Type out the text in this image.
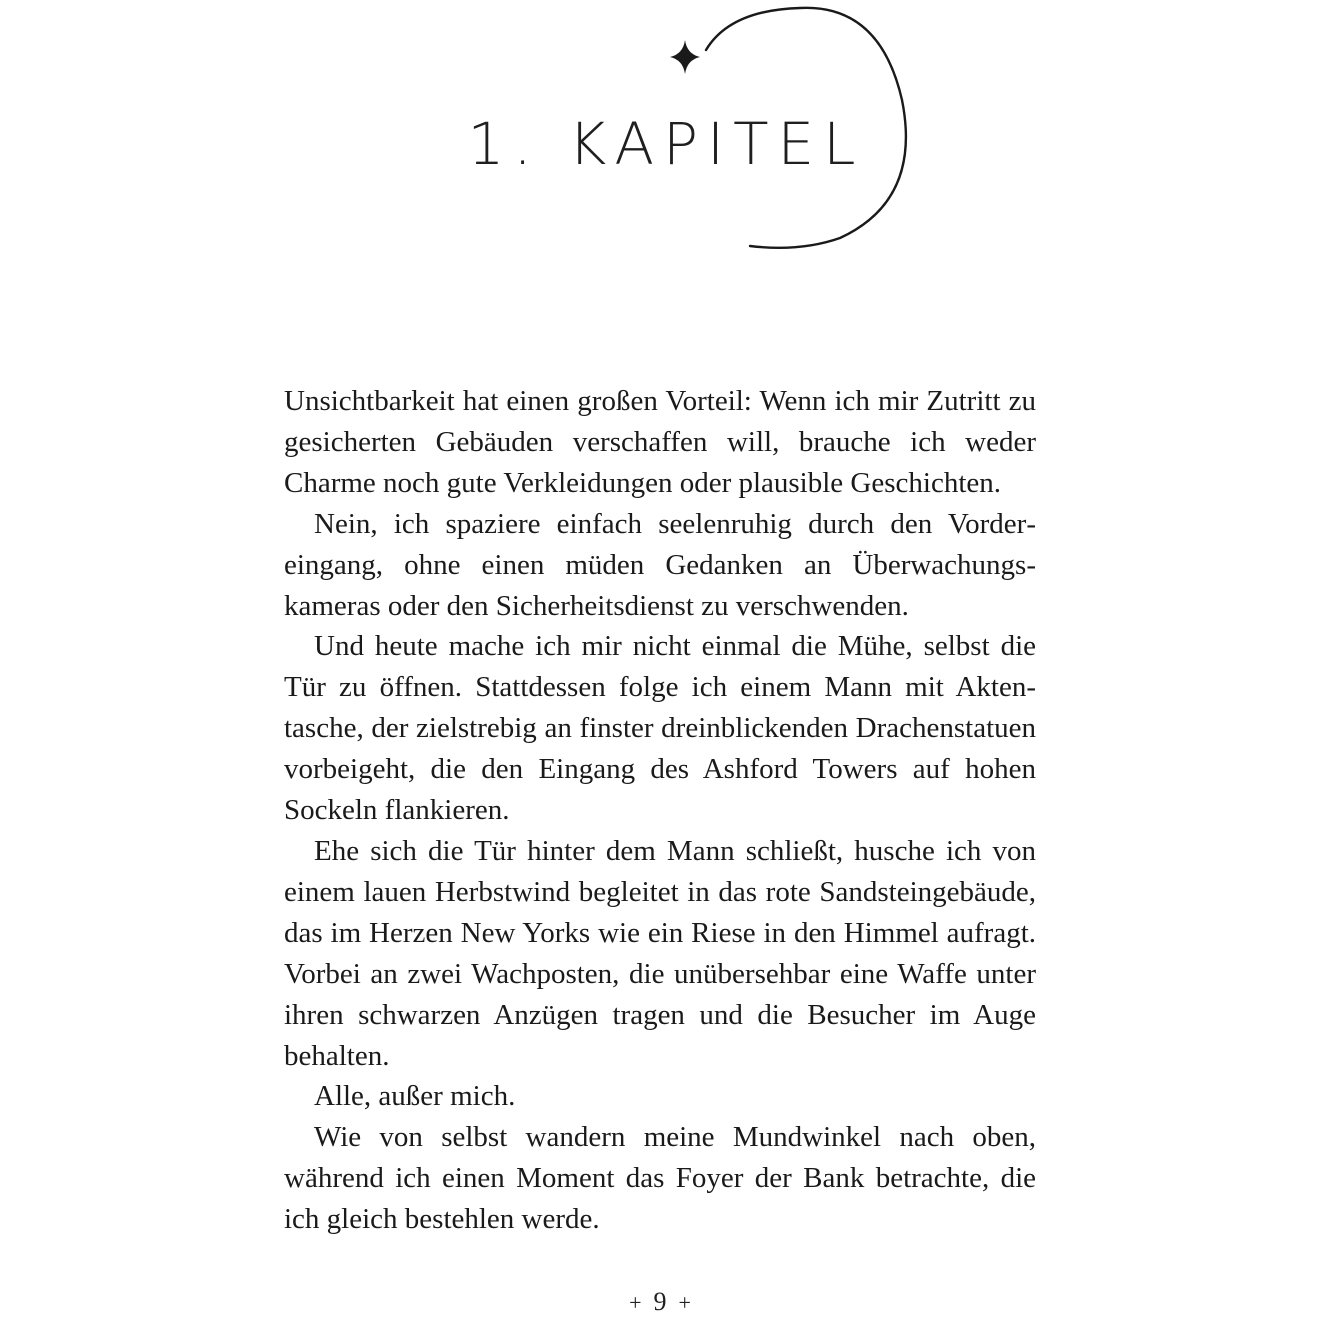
1. KAPITEL

Unsichtbarkeit hat einen großen Vorteil: Wenn ich mir Zutritt zu gesicherten Gebäuden verschaffen will, brauche ich weder Charme noch gute Verkleidungen oder plausible Geschichten.

Nein, ich spaziere einfach seelenruhig durch den Vordereingang, ohne einen müden Gedanken an Überwachungskameras oder den Sicherheitsdienst zu verschwenden.

Und heute mache ich mir nicht einmal die Mühe, selbst die Tür zu öffnen. Stattdessen folge ich einem Mann mit Aktentasche, der zielstrebig an finster dreinblickenden Drachenstatuen vorbeigeht, die den Eingang des Ashford Towers auf hohen Sockeln flankieren.

Ehe sich die Tür hinter dem Mann schließt, husche ich von einem lauen Herbstwind begleitet in das rote Sandsteingebäude, das im Herzen New Yorks wie ein Riese in den Himmel aufragt. Vorbei an zwei Wachposten, die unübersehbar eine Waffe unter ihren schwarzen Anzügen tragen und die Besucher im Auge behalten.

Alle, außer mich.

Wie von selbst wandern meine Mundwinkel nach oben, während ich einen Moment das Foyer der Bank betrachte, die ich gleich bestehlen werde.

+ 9 +
